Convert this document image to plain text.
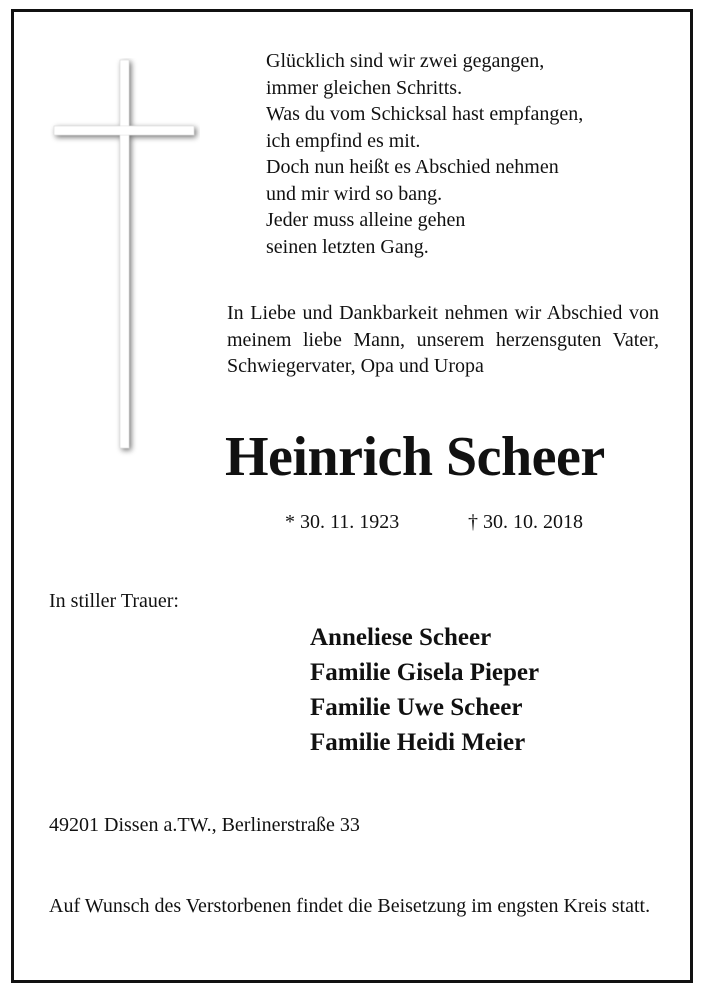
Glücklich sind wir zwei gegangen,
immer gleichen Schritts.
Was du vom Schicksal hast empfangen,
ich empfind es mit.
Doch nun heißt es Abschied nehmen
und mir wird so bang.
Jeder muss alleine gehen
seinen letzten Gang.
In Liebe und Dankbarkeit nehmen wir Abschied von meinem liebe Mann, unserem herzensguten Vater, Schwiegervater, Opa und Uropa
Heinrich Scheer
* 30. 11. 1923	† 30. 10. 2018
In stiller Trauer:
Anneliese Scheer
Familie Gisela Pieper
Familie Uwe Scheer
Familie Heidi Meier
49201 Dissen a.TW., Berlinerstraße 33
Auf Wunsch des Verstorbenen findet die Beisetzung im engsten Kreis statt.
